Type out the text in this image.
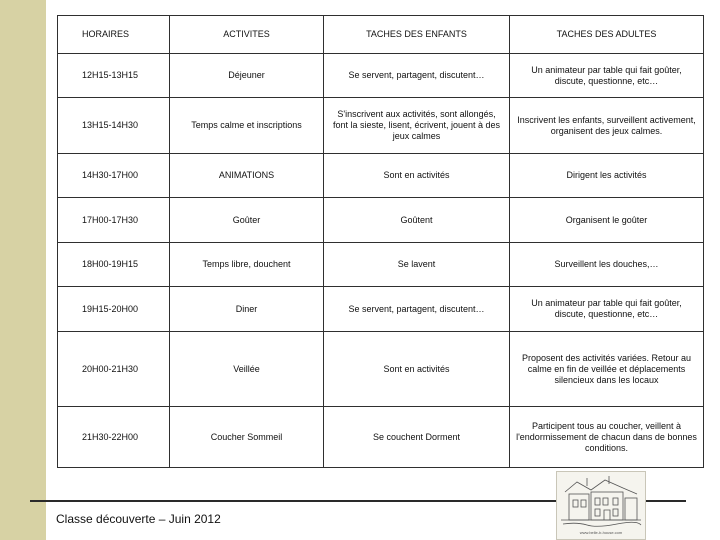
HORAIRES	ACTIVITES	TACHES DES ENFANTS	TACHES DES ADULTES
12H15-13H15	Déjeuner	Se servent, partagent, discutent…	Un animateur par table qui fait goûter, discute, questionne, etc…
13H15-14H30	Temps calme et inscriptions	S'inscrivent aux activités, sont allongés, font la sieste, lisent, écrivent, jouent à des jeux calmes	Inscrivent les enfants, surveillent activement, organisent des jeux calmes.
14H30-17H00	ANIMATIONS	Sont en activités	Dirigent les activités
17H00-17H30	Goûter	Goûtent	Organisent le goûter
18H00-19H15	Temps libre, douchent	Se lavent	Surveillent les douches,…
19H15-20H00	Diner	Se servent, partagent, discutent…	Un animateur par table qui fait goûter, discute, questionne, etc…
20H00-21H30	Veillée	Sont en activités	Proposent des activités variées. Retour au calme en fin de veillée et déplacements silencieux dans les locaux
21H30-22H00	Coucher Sommeil	Se couchent Dorment	Participent tous au coucher, veillent à l'endormissement de chacun dans de bonnes conditions.
Classe découverte – Juin 2012
www.belle-b-house.com
